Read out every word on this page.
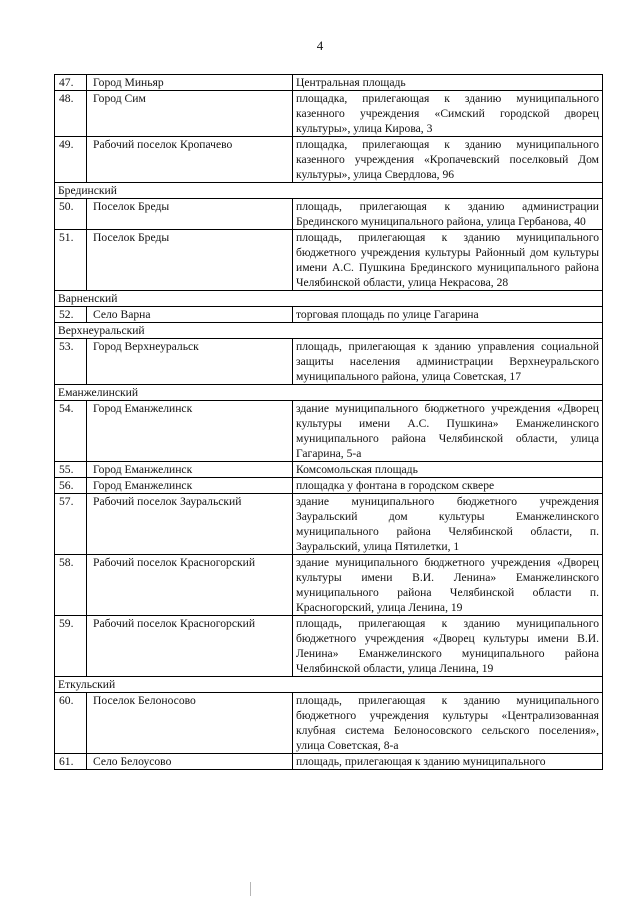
4
47.	Город Миньяр	Центральная площадь
48.	Город Сим	площадка, прилегающая к зданию муниципального казенного учреждения «Симский городской дворец культуры», улица Кирова, 3
49.	Рабочий поселок Кропачево	площадка, прилегающая к зданию муниципального казенного учреждения «Кропачевский поселковый Дом культуры», улица Свердлова, 96
Брединский		
50.	Поселок Бреды	площадь, прилегающая к зданию администрации Брединского муниципального района, улица Гербанова, 40
51.	Поселок Бреды	площадь, прилегающая к зданию муниципального бюджетного учреждения культуры Районный дом культуры имени А.С. Пушкина Брединского муниципального района Челябинской области, улица Некрасова, 28
Варненский		
52.	Село Варна	торговая площадь по улице Гагарина
Верхнеуральский		
53.	Город Верхнеуральск	площадь, прилегающая к зданию управления социальной защиты населения администрации Верхнеуральского муниципального района, улица Советская, 17
Еманжелинский		
54.	Город Еманжелинск	здание муниципального бюджетного учреждения «Дворец культуры имени А.С. Пушкина» Еманжелинского муниципального района Челябинской области, улица Гагарина, 5-а
55.	Город Еманжелинск	Комсомольская площадь
56.	Город Еманжелинск	площадка у фонтана в городском сквере
57.	Рабочий поселок Зауральский	здание муниципального бюджетного учреждения Зауральский дом культуры Еманжелинского муниципального района Челябинской области, п. Зауральский, улица Пятилетки, 1
58.	Рабочий поселок Красногорский	здание муниципального бюджетного учреждения «Дворец культуры имени В.И. Ленина» Еманжелинского муниципального района Челябинской области п. Красногорский, улица Ленина, 19
59.	Рабочий поселок Красногорский	площадь, прилегающая к зданию муниципального бюджетного учреждения «Дворец культуры имени В.И. Ленина» Еманжелинского муниципального района Челябинской области, улица Ленина, 19
Еткульский		
60.	Поселок Белоносово	площадь, прилегающая к зданию муниципального бюджетного учреждения культуры «Централизованная клубная система Белоносовского сельского поселения», улица Советская, 8-а
61.	Село Белоусово	площадь, прилегающая к зданию муниципального
